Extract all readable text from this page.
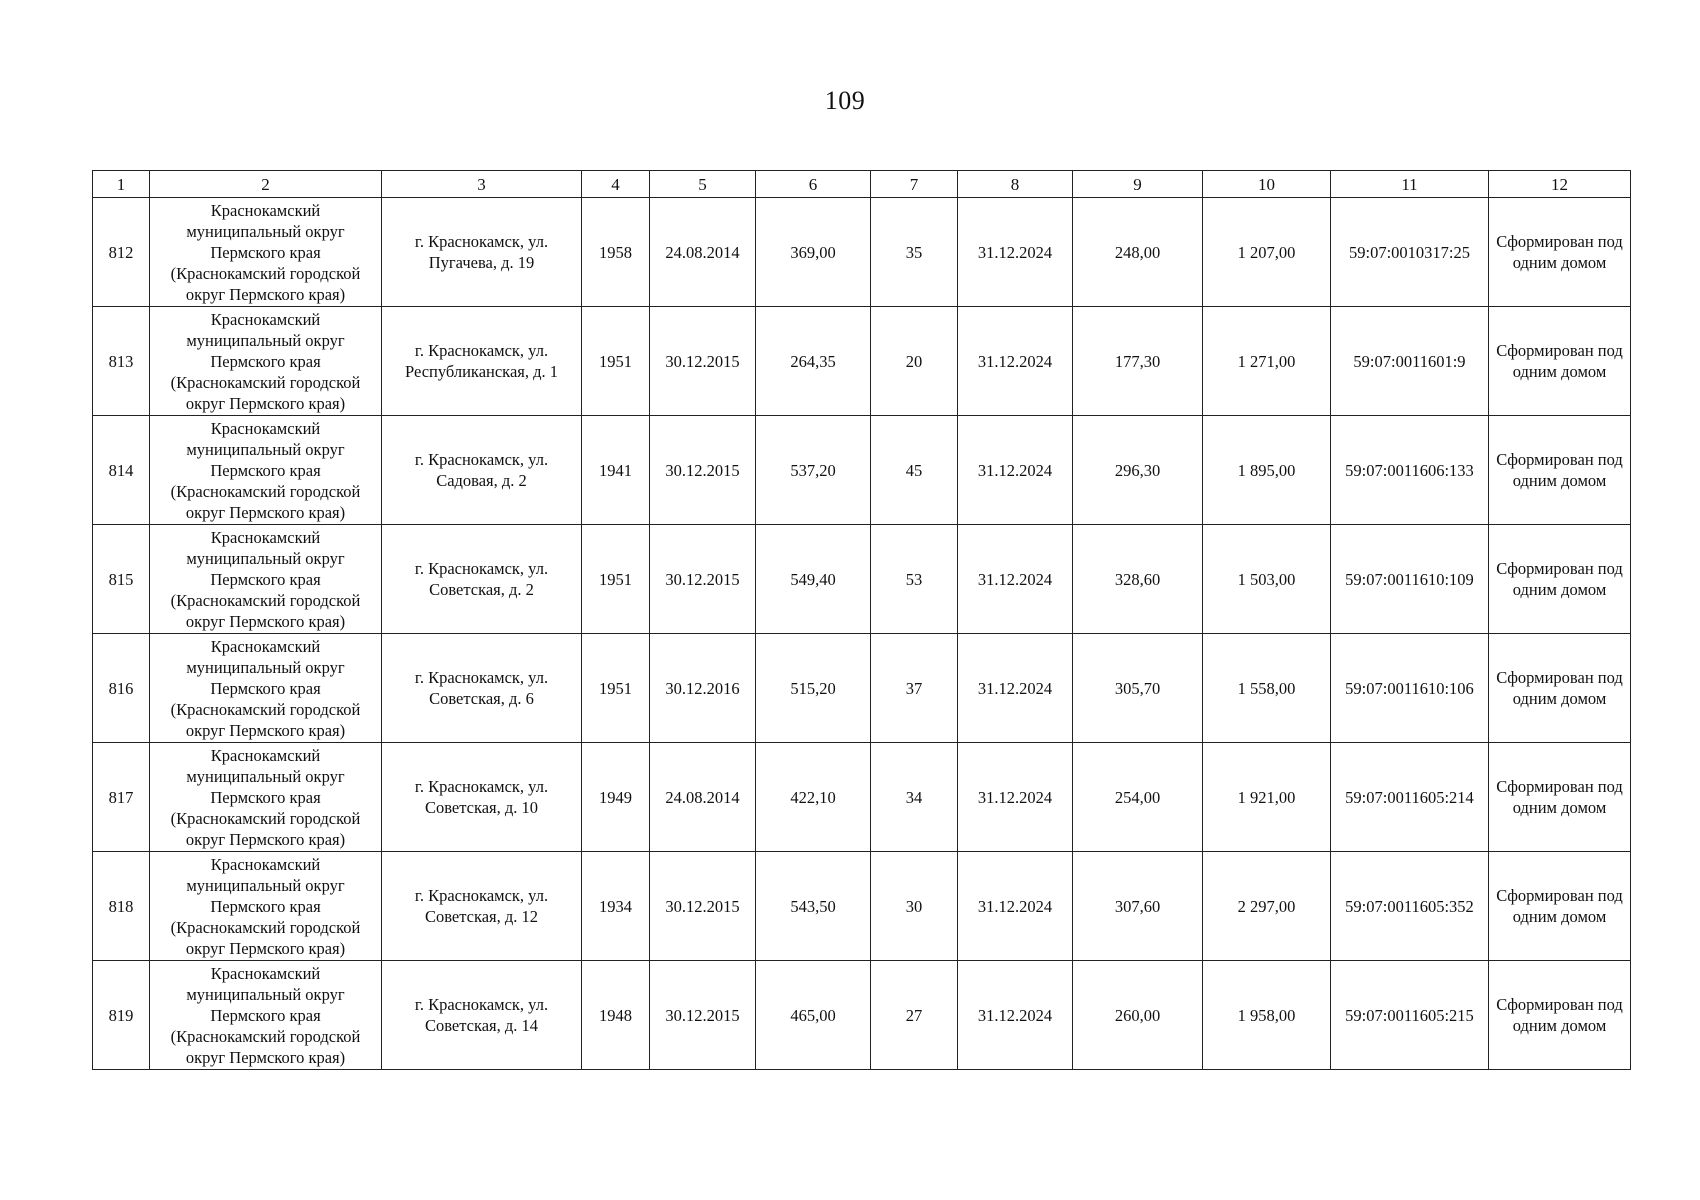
109
1	2	3	4	5	6	7	8	9	10	11	12
812	Краснокамский муниципальный округ Пермского края (Краснокамский городской округ Пермского края)	г. Краснокамск, ул. Пугачева, д. 19	1958	24.08.2014	369,00	35	31.12.2024	248,00	1 207,00	59:07:0010317:25	Сформирован под одним домом
813	Краснокамский муниципальный округ Пермского края (Краснокамский городской округ Пермского края)	г. Краснокамск, ул. Республиканская, д. 1	1951	30.12.2015	264,35	20	31.12.2024	177,30	1 271,00	59:07:0011601:9	Сформирован под одним домом
814	Краснокамский муниципальный округ Пермского края (Краснокамский городской округ Пермского края)	г. Краснокамск, ул. Садовая, д. 2	1941	30.12.2015	537,20	45	31.12.2024	296,30	1 895,00	59:07:0011606:133	Сформирован под одним домом
815	Краснокамский муниципальный округ Пермского края (Краснокамский городской округ Пермского края)	г. Краснокамск, ул. Советская, д. 2	1951	30.12.2015	549,40	53	31.12.2024	328,60	1 503,00	59:07:0011610:109	Сформирован под одним домом
816	Краснокамский муниципальный округ Пермского края (Краснокамский городской округ Пермского края)	г. Краснокамск, ул. Советская, д. 6	1951	30.12.2016	515,20	37	31.12.2024	305,70	1 558,00	59:07:0011610:106	Сформирован под одним домом
817	Краснокамский муниципальный округ Пермского края (Краснокамский городской округ Пермского края)	г. Краснокамск, ул. Советская, д. 10	1949	24.08.2014	422,10	34	31.12.2024	254,00	1 921,00	59:07:0011605:214	Сформирован под одним домом
818	Краснокамский муниципальный округ Пермского края (Краснокамский городской округ Пермского края)	г. Краснокамск, ул. Советская, д. 12	1934	30.12.2015	543,50	30	31.12.2024	307,60	2 297,00	59:07:0011605:352	Сформирован под одним домом
819	Краснокамский муниципальный округ Пермского края (Краснокамский городской округ Пермского края)	г. Краснокамск, ул. Советская, д. 14	1948	30.12.2015	465,00	27	31.12.2024	260,00	1 958,00	59:07:0011605:215	Сформирован под одним домом
